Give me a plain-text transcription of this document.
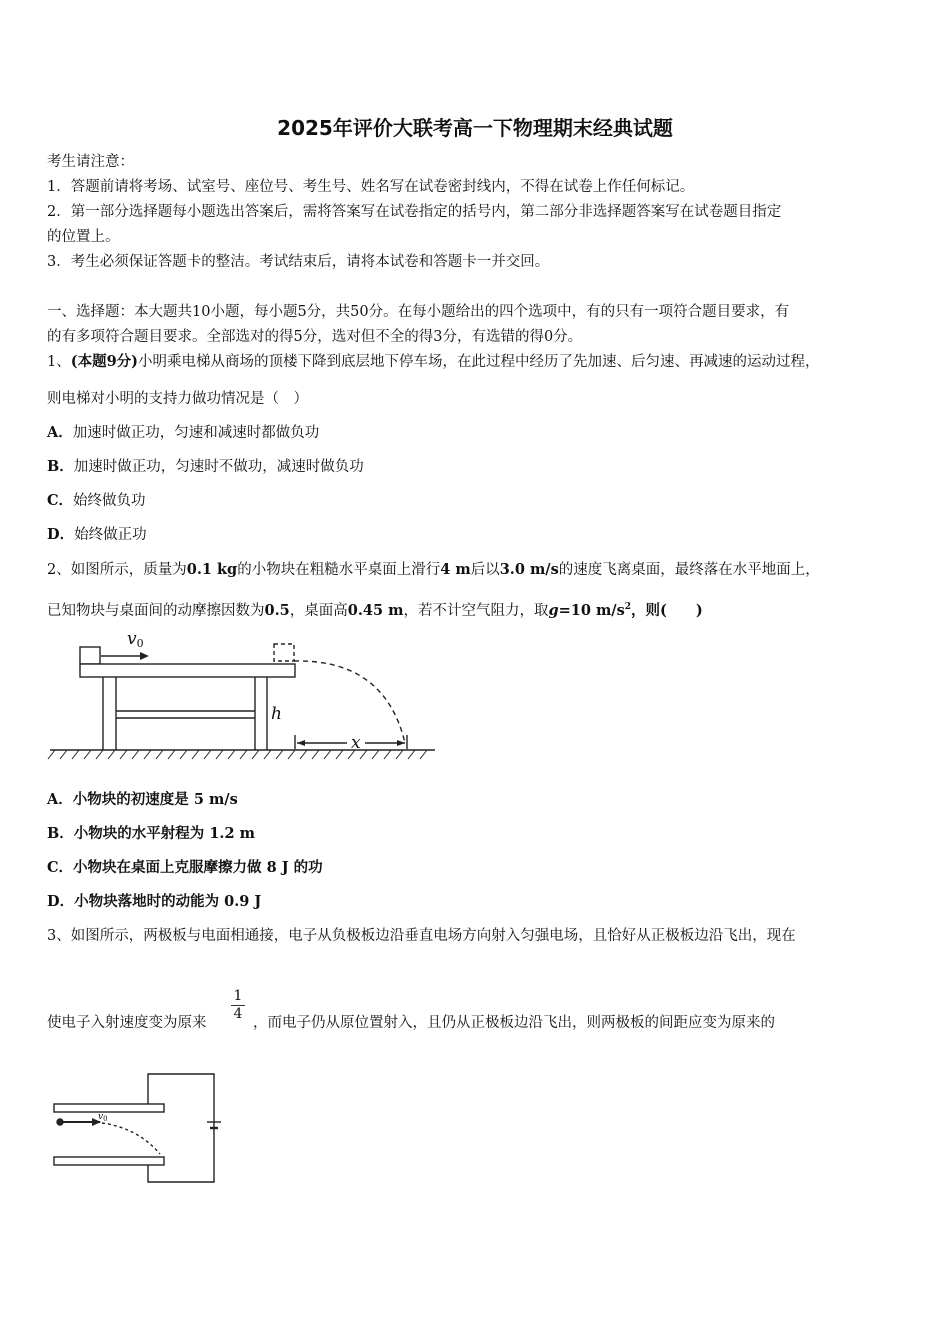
2025年评价大联考高一下物理期末经典试题
考生请注意：
1．答题前请将考场、试室号、座位号、考生号、姓名写在试卷密封线内，不得在试卷上作任何标记。
2．第一部分选择题每小题选出答案后，需将答案写在试卷指定的括号内，第二部分非选择题答案写在试卷题目指定
的位置上。
3．考生必须保证答题卡的整洁。考试结束后，请将本试卷和答题卡一并交回。
一、选择题：本大题共10小题，每小题5分，共50分。在每小题给出的四个选项中，有的只有一项符合题目要求，有
的有多项符合题目要求。全部选对的得5分，选对但不全的得3分，有选错的得0分。
1、(本题9分)小明乘电梯从商场的顶楼下降到底层地下停车场，在此过程中经历了先加速、后匀速、再减速的运动过程，
则电梯对小明的支持力做功情况是（　）
A．加速时做正功，匀速和减速时都做负功
B．加速时做正功，匀速时不做功，减速时做负功
C．始终做负功
D．始终做正功
2、如图所示，质量为0.1 kg的小物块在粗糙水平桌面上滑行4 m后以3.0 m/s的速度飞离桌面，最终落在水平地面上，
已知物块与桌面间的动摩擦因数为0.5，桌面高0.45 m，若不计空气阻力，取g=10 $m/s^2$，则(　　)
v0
h
x
A．小物块的初速度是 5 m/s
B．小物块的水平射程为 1.2 m
C．小物块在桌面上克服摩擦力做 8 J 的功
D．小物块落地时的动能为 0.9 J
3、如图所示，两极板与电面相通接，电子从负极板边沿垂直电场方向射入匀强电场，且恰好从正极板边沿飞出，现在
$\frac{1}{4}$
使电子入射速度变为原来	，而电子仍从原位置射入，且仍从正极板边沿飞出，则两极板的间距应变为原来的
$v_0$
